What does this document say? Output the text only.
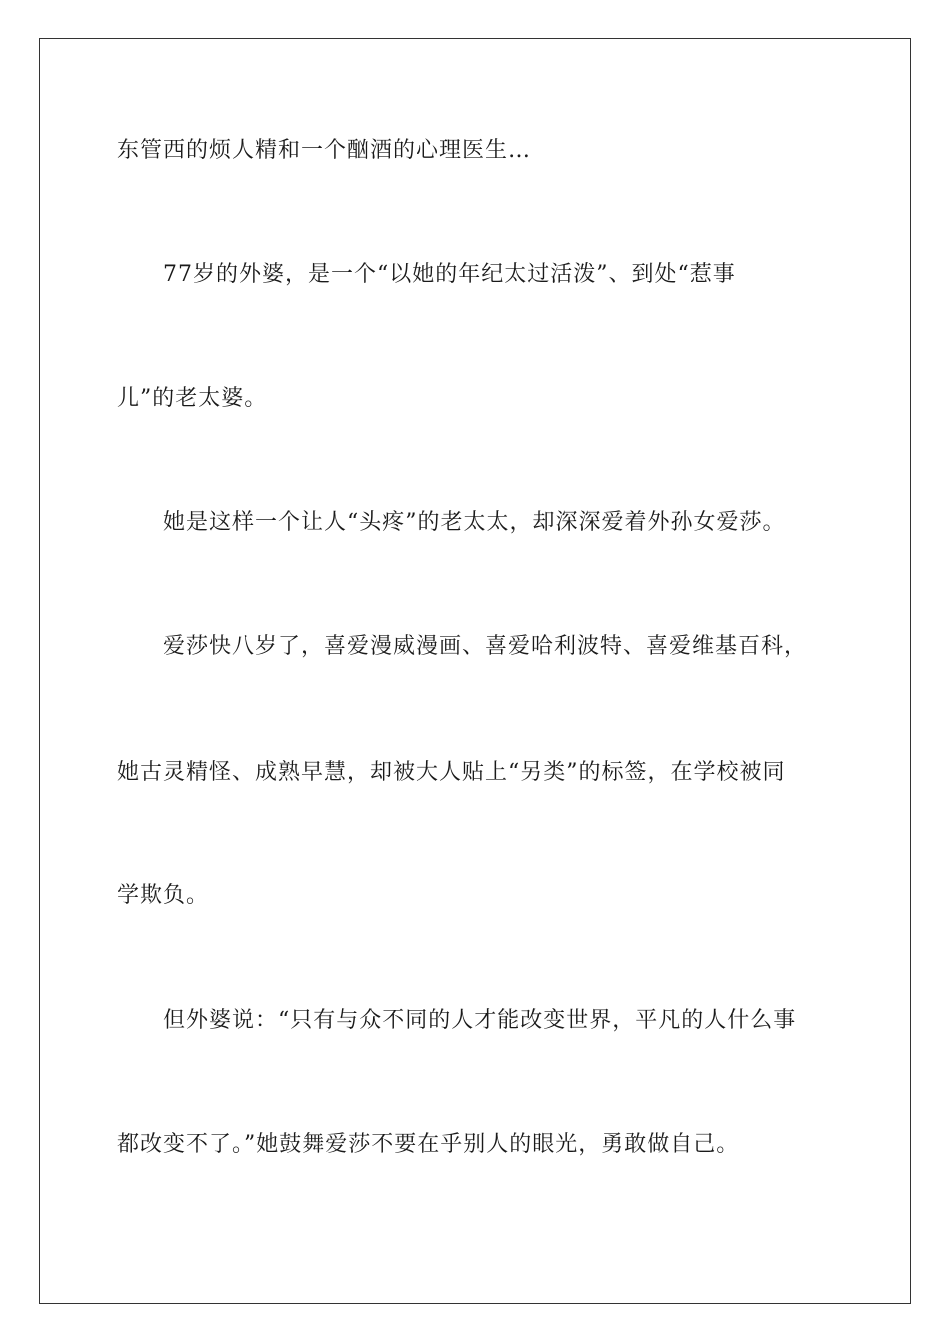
东管西的烦人精和一个酗酒的心理医生…
77岁的外婆，是一个“以她的年纪太过活泼”、到处“惹事
儿”的老太婆。
她是这样一个让人“头疼”的老太太，却深深爱着外孙女爱莎。
爱莎快八岁了，喜爱漫威漫画、喜爱哈利波特、喜爱维基百科，
她古灵精怪、成熟早慧，却被大人贴上“另类”的标签，在学校被同
学欺负。
但外婆说：“只有与众不同的人才能改变世界，平凡的人什么事
都改变不了。”她鼓舞爱莎不要在乎别人的眼光，勇敢做自己。
